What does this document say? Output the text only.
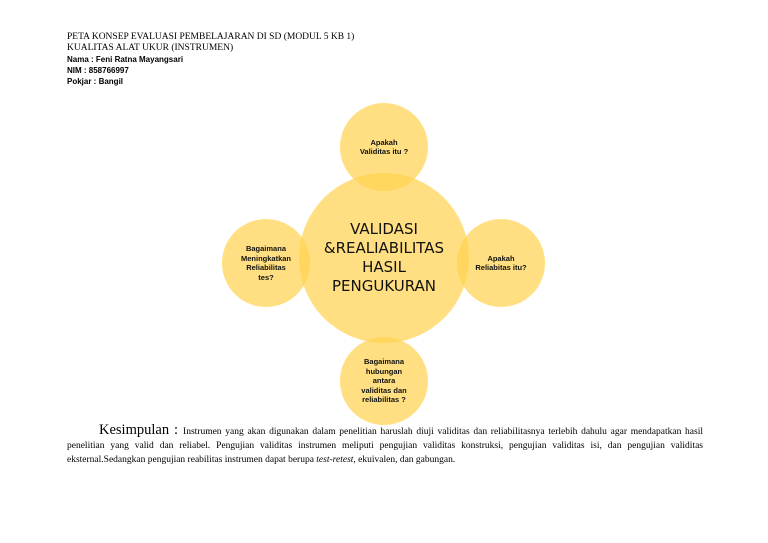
PETA KONSEP EVALUASI PEMBELAJARAN DI SD (MODUL 5 KB 1)
KUALITAS ALAT UKUR (INSTRUMEN)
Nama : Feni Ratna Mayangsari
NIM : 858766997
Pokjar : Bangil
VALIDASI
&REALIABILITAS
HASIL
PENGUKURAN
Apakah
Validitas itu ?
Apakah
Reliabitas itu?
Bagaimana
Meningkatkan
Reliabilitas
tes?
Bagaimana
hubungan
antara
validitas dan
reliabilitas ?
Kesimpulan : Instrumen yang akan digunakan dalam penelitian haruslah diuji validitas dan reliabilitasnya terlebih dahulu agar mendapatkan hasil penelitian yang valid dan reliabel. Pengujian validitas instrumen meliputi pengujian validitas konstruksi, pengujian validitas isi, dan pengujian validitas eksternal.Sedangkan pengujian reabilitas instrumen dapat berupa test-retest, ekuivalen, dan gabungan.
